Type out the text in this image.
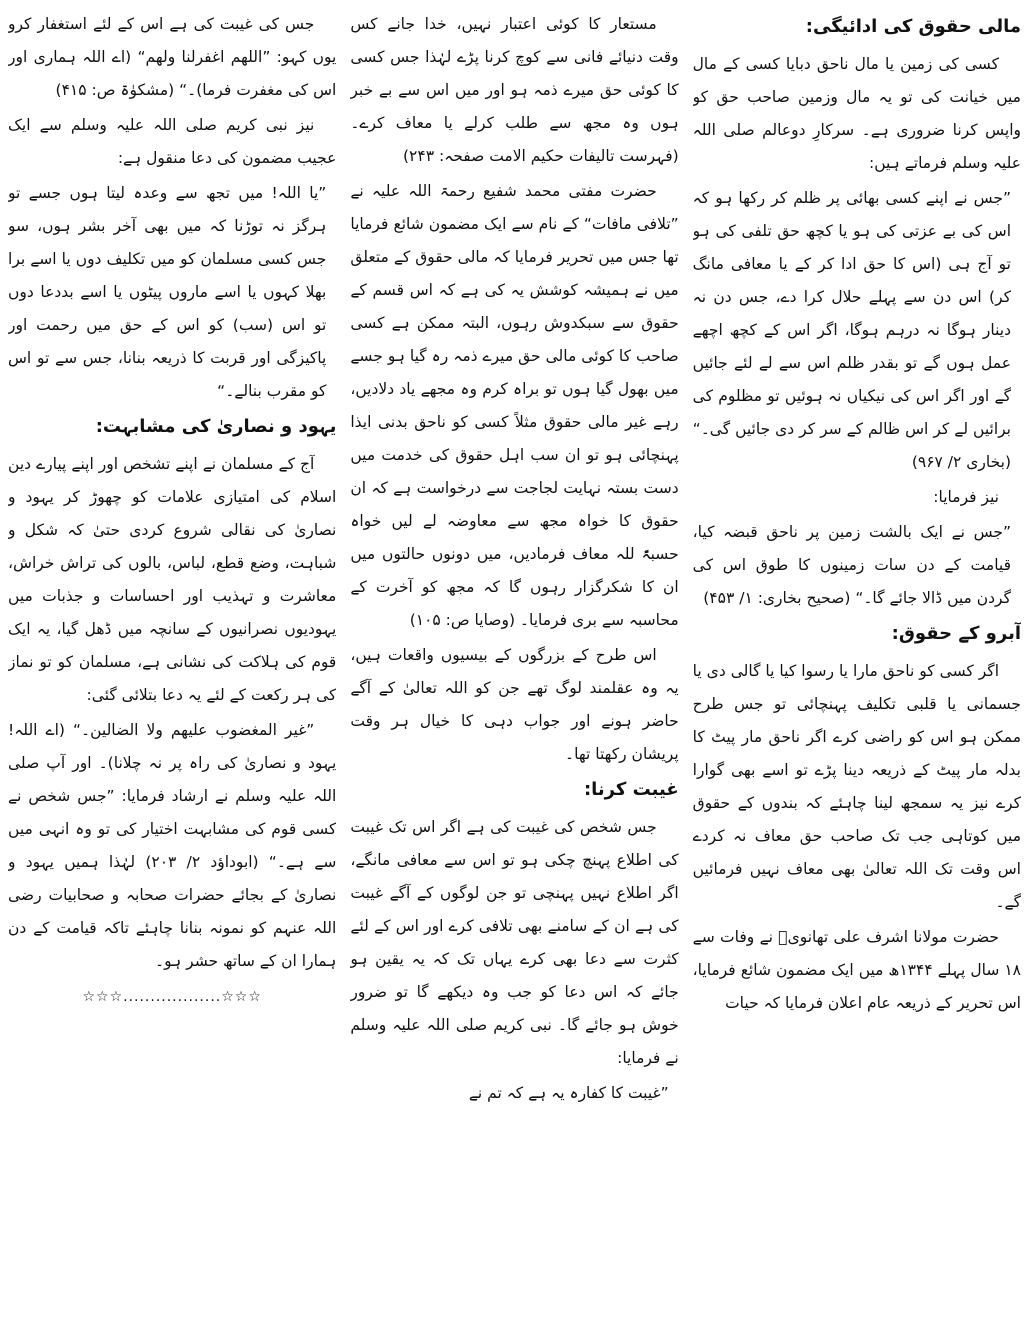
مالی حقوق کی ادائیگی:

کسی کی زمین یا مال ناحق دبایا کسی کے مال میں خیانت کی تو یہ مال وزمین صاحب حق کو واپس کرنا ضروری ہے۔ سرکارِ دوعالم صلی اللہ علیہ وسلم فرماتے ہیں:

”جس نے اپنے کسی بھائی پر ظلم کر رکھا ہو کہ اس کی بے عزتی کی ہو یا کچھ حق تلفی کی ہو تو آج ہی (اس کا حق ادا کر کے یا معافی مانگ کر) اس دن سے پہلے حلال کرا دے، جس دن نہ دینار ہوگا نہ درہم ہوگا، اگر اس کے کچھ اچھے عمل ہوں گے تو بقدر ظلم اس سے لے لئے جائیں گے اور اگر اس کی نیکیاں نہ ہوئیں تو مظلوم کی برائیں لے کر اس ظالم کے سر کر دی جائیں گی۔“ (بخاری ۲/ ۹۶۷)

نیز فرمایا:

”جس نے ایک بالشت زمین پر ناحق قبضہ کیا، قیامت کے دن سات زمینوں کا طوق اس کی گردن میں ڈالا جائے گا۔“ (صحیح بخاری: ۱/ ۴۵۳)

آبرو کے حقوق:

اگر کسی کو ناحق مارا یا رسوا کیا یا گالی دی یا جسمانی یا قلبی تکلیف پہنچائی تو جس طرح ممکن ہو اس کو راضی کرے اگر ناحق مار پیٹ کا بدلہ مار پیٹ کے ذریعہ دینا پڑے تو اسے بھی گوارا کرے نیز یہ سمجھ لینا چاہئے کہ بندوں کے حقوق میں کوتاہی جب تک صاحب حق معاف نہ کردے اس وقت تک اللہ تعالیٰ بھی معاف نہیں فرمائیں گے۔

حضرت مولانا اشرف علی تھانویؒ نے وفات سے ۱۸ سال پہلے ۱۳۴۴ھ میں ایک مضمون شائع فرمایا، اس تحریر کے ذریعہ عام اعلان فرمایا کہ حیات

مستعار کا کوئی اعتبار نہیں، خدا جانے کس وقت دنیائے فانی سے کوچ کرنا پڑے لہٰذا جس کسی کا کوئی حق میرے ذمہ ہو اور میں اس سے بے خبر ہوں وہ مجھ سے طلب کرلے یا معاف کرے۔ (فہرست تالیفات حکیم الامت صفحہ: ۲۴۳)

حضرت مفتی محمد شفیع رحمۃ اللہ علیہ نے ”تلافی مافات“ کے نام سے ایک مضمون شائع فرمایا تھا جس میں تحریر فرمایا کہ مالی حقوق کے متعلق میں نے ہمیشہ کوشش یہ کی ہے کہ اس قسم کے حقوق سے سبکدوش رہوں، البتہ ممکن ہے کسی صاحب کا کوئی مالی حق میرے ذمہ رہ گیا ہو جسے میں بھول گیا ہوں تو براہ کرم وہ مجھے یاد دلادیں، رہے غیر مالی حقوق مثلاً کسی کو ناحق بدنی ایذا پہنچائی ہو تو ان سب اہل حقوق کی خدمت میں دست بستہ نہایت لجاجت سے درخواست ہے کہ ان حقوق کا خواہ مجھ سے معاوضہ لے لیں خواہ حسبۃً للہ معاف فرمادیں، میں دونوں حالتوں میں ان کا شکرگزار رہوں گا کہ مجھ کو آخرت کے محاسبہ سے بری فرمایا۔ (وصایا ص: ۱۰۵)

اس طرح کے بزرگوں کے بیسیوں واقعات ہیں، یہ وہ عقلمند لوگ تھے جن کو اللہ تعالیٰ کے آگے حاضر ہونے اور جواب دہی کا خیال ہر وقت پریشان رکھتا تھا۔

غیبت کرنا:

جس شخص کی غیبت کی ہے اگر اس تک غیبت کی اطلاع پہنچ چکی ہو تو اس سے معافی مانگے، اگر اطلاع نہیں پہنچی تو جن لوگوں کے آگے غیبت کی ہے ان کے سامنے بھی تلافی کرے اور اس کے لئے کثرت سے دعا بھی کرے یہاں تک کہ یہ یقین ہو جائے کہ اس دعا کو جب وہ دیکھے گا تو ضرور خوش ہو جائے گا۔ نبی کریم صلی اللہ علیہ وسلم نے فرمایا:

”غیبت کا کفارہ یہ ہے کہ تم نے

جس کی غیبت کی ہے اس کے لئے استغفار کرو یوں کہو: ”اللھم اغفرلنا ولھم“ (اے اللہ ہماری اور اس کی مغفرت فرما)۔“ (مشکوٰۃ ص: ۴۱۵)

نیز نبی کریم صلی اللہ علیہ وسلم سے ایک عجیب مضمون کی دعا منقول ہے:

”یا اللہ! میں تجھ سے وعدہ لیتا ہوں جسے تو ہرگز نہ توڑنا کہ میں بھی آخر بشر ہوں، سو جس کسی مسلمان کو میں تکلیف دوں یا اسے برا بھلا کہوں یا اسے ماروں پیٹوں یا اسے بددعا دوں تو اس (سب) کو اس کے حق میں رحمت اور پاکیزگی اور قربت کا ذریعہ بنانا، جس سے تو اس کو مقرب بنالے۔“

یہود و نصاریٰ کی مشابہت:

آج کے مسلمان نے اپنے تشخص اور اپنے پیارے دین اسلام کی امتیازی علامات کو چھوڑ کر یہود و نصاریٰ کی نقالی شروع کردی حتیٰ کہ شکل و شباہت، وضع قطع، لباس، بالوں کی تراش خراش، معاشرت و تہذیب اور احساسات و جذبات میں یہودیوں نصرانیوں کے سانچہ میں ڈھل گیا، یہ ایک قوم کی ہلاکت کی نشانی ہے، مسلمان کو تو نماز کی ہر رکعت کے لئے یہ دعا بتلائی گئی:

”غیر المغضوب علیھم ولا الضالین۔“ (اے اللہ! یہود و نصاریٰ کی راہ پر نہ چلانا)۔ اور آپ صلی اللہ علیہ وسلم نے ارشاد فرمایا: ”جس شخص نے کسی قوم کی مشابہت اختیار کی تو وہ انہی میں سے ہے۔“ (ابوداؤد ۲/ ۲۰۳) لہٰذا ہمیں یہود و نصاریٰ کے بجائے حضرات صحابہ و صحابیات رضی اللہ عنہم کو نمونہ بنانا چاہئے تاکہ قیامت کے دن ہمارا ان کے ساتھ حشر ہو۔

☆☆☆..................☆☆☆
